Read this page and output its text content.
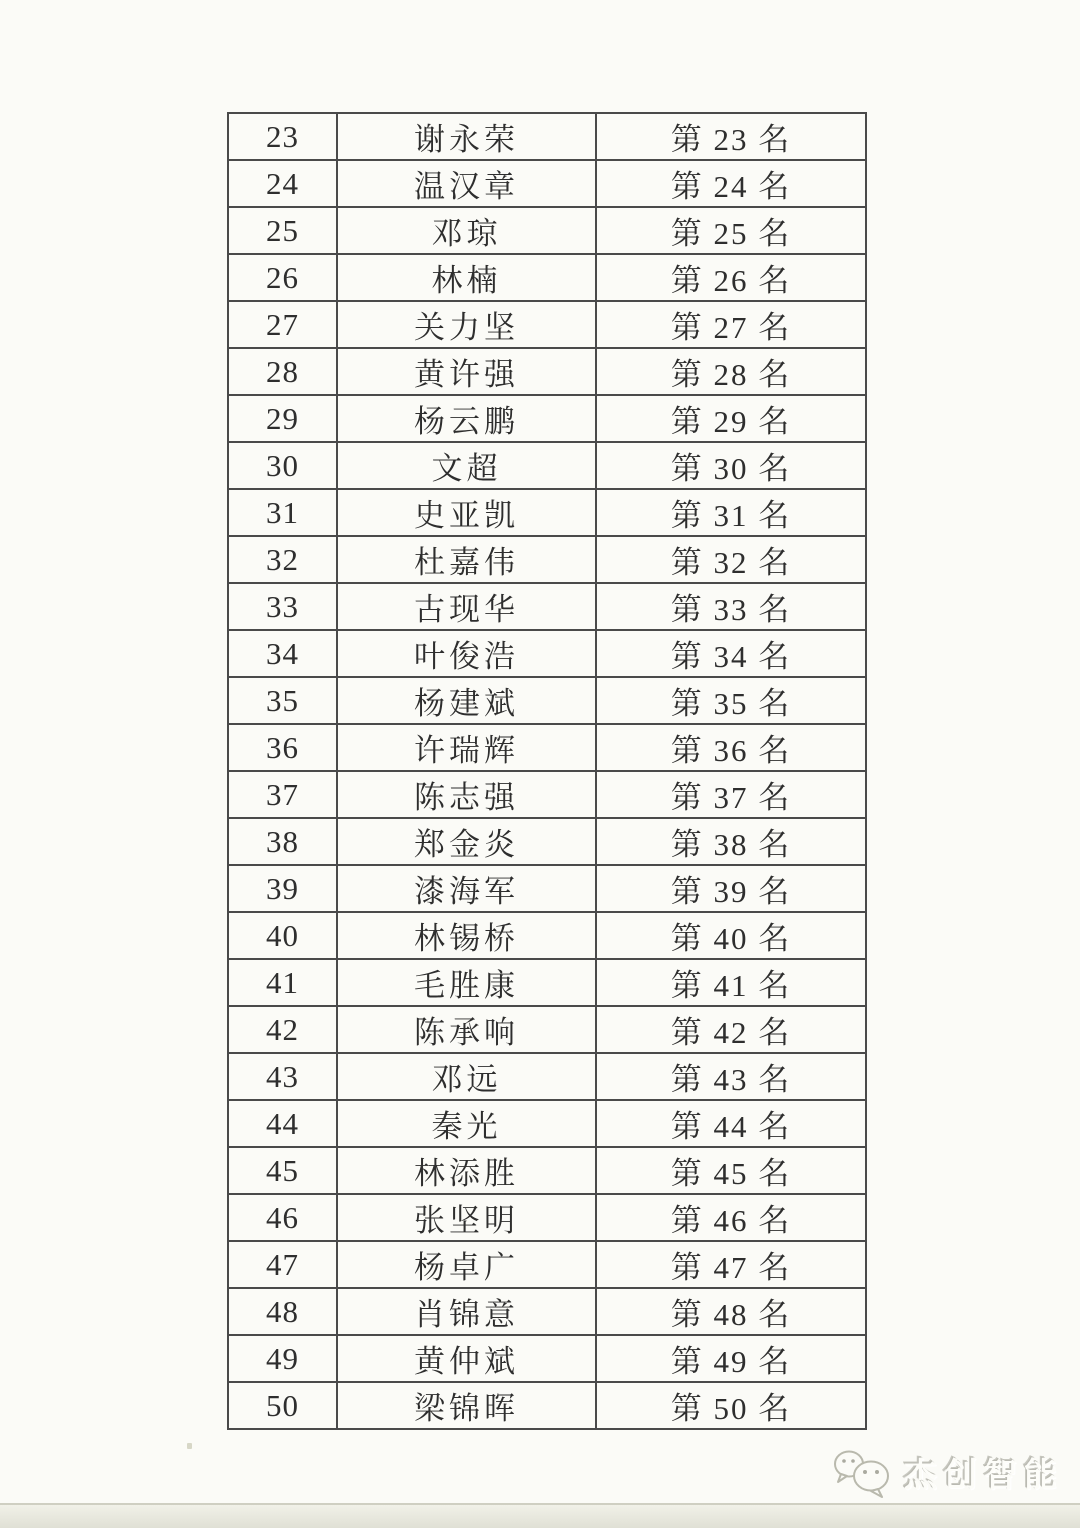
23	谢永荣	第 23 名
24	温汉章	第 24 名
25	邓琼	第 25 名
26	林楠	第 26 名
27	关力坚	第 27 名
28	黄许强	第 28 名
29	杨云鹏	第 29 名
30	文超	第 30 名
31	史亚凯	第 31 名
32	杜嘉伟	第 32 名
33	古现华	第 33 名
34	叶俊浩	第 34 名
35	杨建斌	第 35 名
36	许瑞辉	第 36 名
37	陈志强	第 37 名
38	郑金炎	第 38 名
39	漆海军	第 39 名
40	林锡桥	第 40 名
41	毛胜康	第 41 名
42	陈承响	第 42 名
43	邓远	第 43 名
44	秦光	第 44 名
45	林添胜	第 45 名
46	张坚明	第 46 名
47	杨卓广	第 47 名
48	肖锦意	第 48 名
49	黄仲斌	第 49 名
50	梁锦晖	第 50 名
杰创智能
